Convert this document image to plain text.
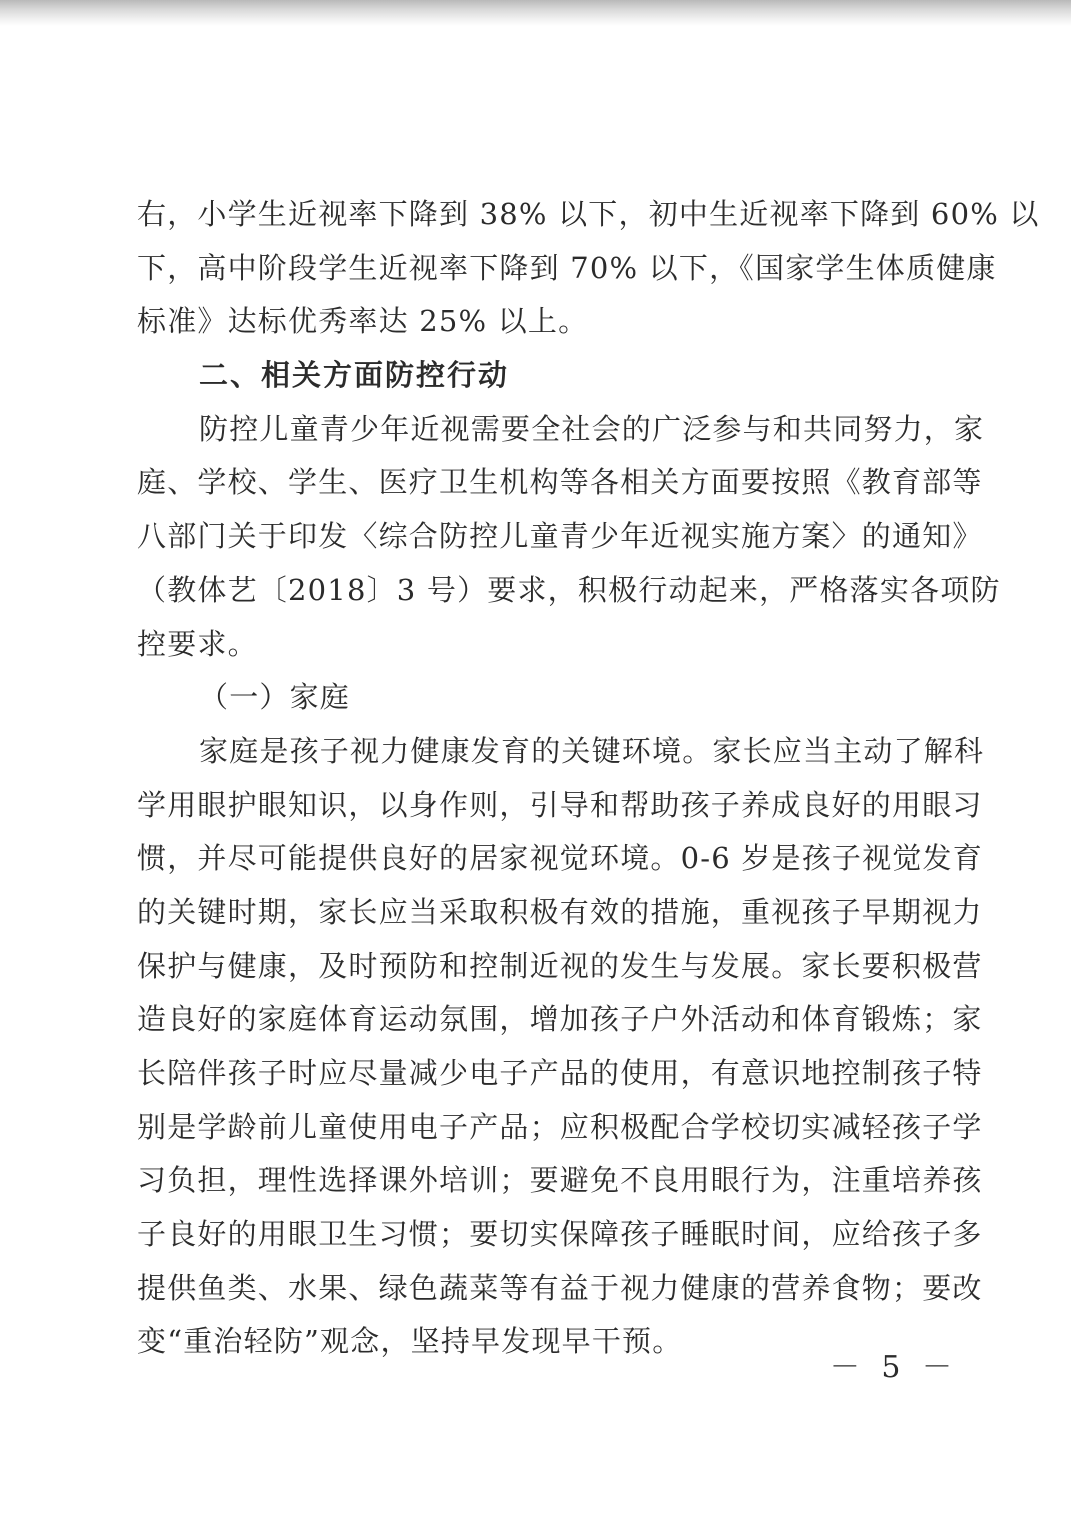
右，小学生近视率下降到 38% 以下，初中生近视率下降到 60% 以
下，高中阶段学生近视率下降到 70% 以下，《国家学生体质健康
标准》达标优秀率达 25% 以上。
二、相关方面防控行动
防控儿童青少年近视需要全社会的广泛参与和共同努力，家
庭、学校、学生、医疗卫生机构等各相关方面要按照《教育部等
八部门关于印发〈综合防控儿童青少年近视实施方案〉的通知》
（教体艺〔2018〕3 号）要求，积极行动起来，严格落实各项防
控要求。
（一）家庭
家庭是孩子视力健康发育的关键环境。家长应当主动了解科
学用眼护眼知识，以身作则，引导和帮助孩子养成良好的用眼习
惯，并尽可能提供良好的居家视觉环境。0-6 岁是孩子视觉发育
的关键时期，家长应当采取积极有效的措施，重视孩子早期视力
保护与健康，及时预防和控制近视的发生与发展。家长要积极营
造良好的家庭体育运动氛围，增加孩子户外活动和体育锻炼；家
长陪伴孩子时应尽量减少电子产品的使用，有意识地控制孩子特
别是学龄前儿童使用电子产品；应积极配合学校切实减轻孩子学
习负担，理性选择课外培训；要避免不良用眼行为，注重培养孩
子良好的用眼卫生习惯；要切实保障孩子睡眠时间，应给孩子多
提供鱼类、水果、绿色蔬菜等有益于视力健康的营养食物；要改
变“重治轻防”观念，坚持早发现早干预。
－ 5 －
